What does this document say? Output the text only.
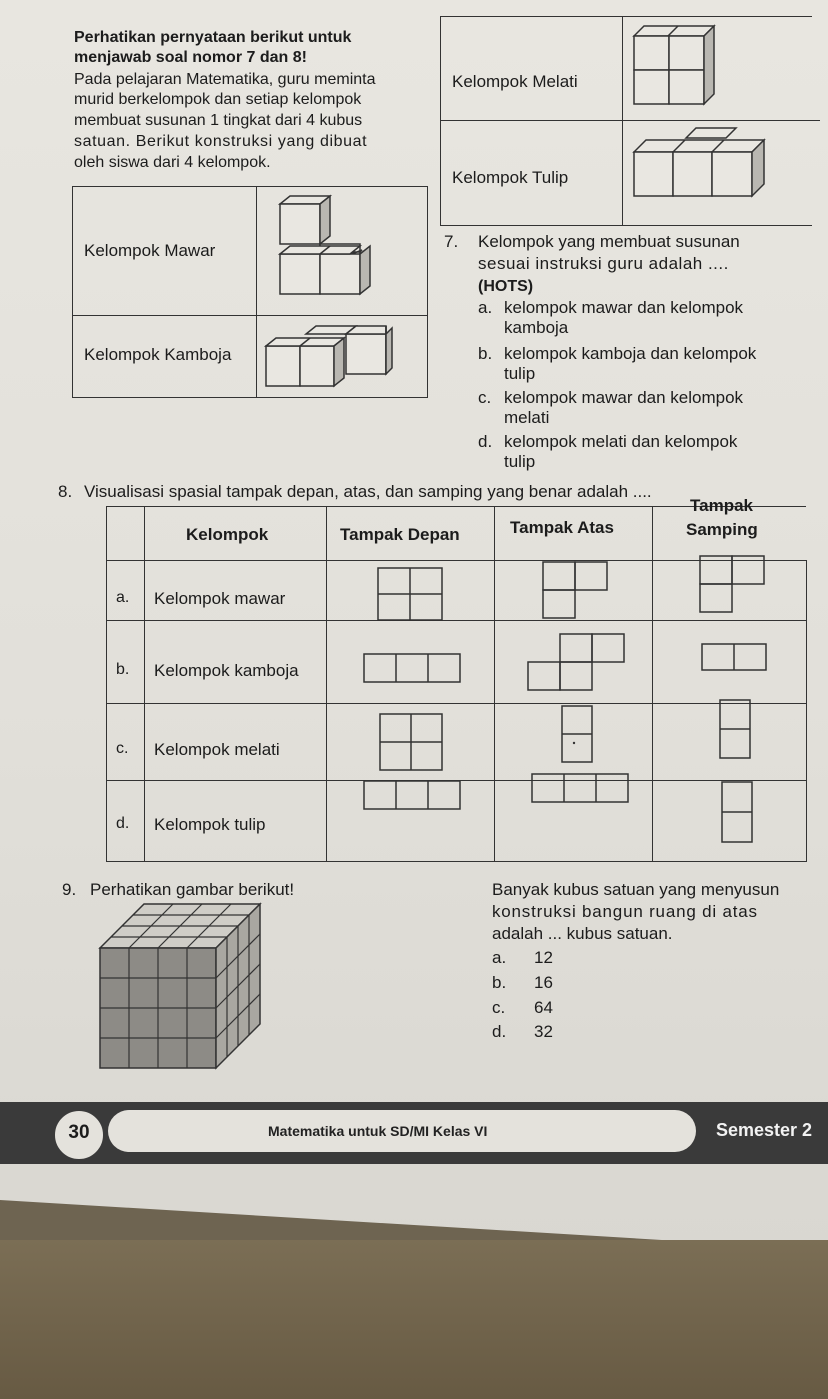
Perhatikan pernyataan berikut untuk
menjawab soal nomor 7 dan 8!
Pada pelajaran Matematika, guru meminta
murid berkelompok dan setiap kelompok
membuat susunan 1 tingkat dari 4 kubus
satuan. Berikut konstruksi yang dibuat
oleh siswa dari 4 kelompok.
Kelompok Mawar
Kelompok Kamboja
Kelompok Melati
Kelompok Tulip
7. Kelompok yang membuat susunan
sesuai instruksi guru adalah ....
(HOTS)
a. kelompok mawar dan kelompok
kamboja
b. kelompok kamboja dan kelompok
tulip
c. kelompok mawar dan kelompok
melati
d. kelompok melati dan kelompok
tulip
8. Visualisasi spasial tampak depan, atas, dan samping yang benar adalah ....
Kelompok	Tampak Depan	Tampak Atas
Tampak
Samping
a. Kelompok mawar
b. Kelompok kamboja
c. Kelompok melati
d. Kelompok tulip
9. Perhatikan gambar berikut!	Banyak kubus satuan yang menyusun
konstruksi bangun ruang di atas
adalah ... kubus satuan.
a. 12
b. 16
c. 64
d. 32
30	Matematika untuk SD/MI Kelas VI	Semester 2
